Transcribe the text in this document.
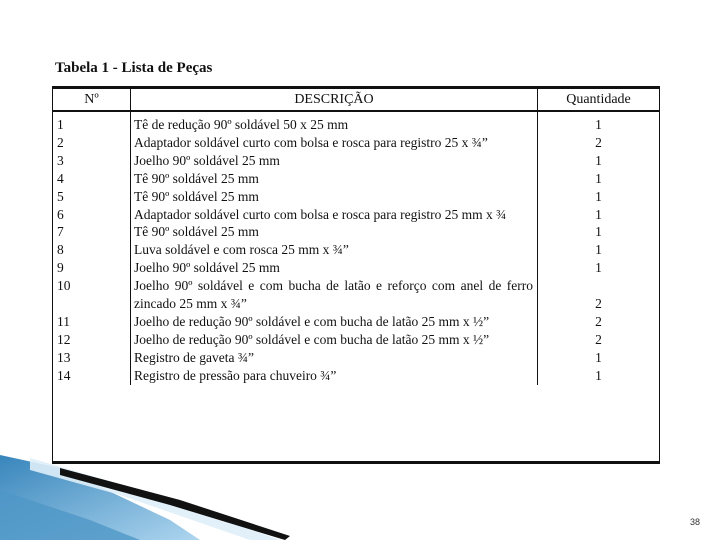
Tabela 1 - Lista de Peças
Nº	DESCRIÇÃO	Quantidade
1	Tê de redução 90º soldável 50 x 25 mm	1
2	Adaptador soldável curto com bolsa e rosca para registro 25 x ¾”	2
3	Joelho 90º soldável 25 mm	1
4	Tê 90º soldável 25 mm	1
5	Tê 90º soldável 25 mm	1
6	Adaptador soldável curto com bolsa e rosca para registro 25 mm x ¾	1
7	Tê 90º soldável 25 mm	1
8	Luva soldável e com rosca 25 mm x ¾”	1
9	Joelho 90º soldável 25 mm	1
10	Joelho 90º soldável e com bucha de latão e reforço com anel de ferro zincado 25 mm x ¾”	2
11	Joelho de redução 90º soldável e com bucha de latão 25 mm x ½”	2
12	Joelho de redução 90º soldável e com bucha de latão 25 mm x ½”	2
13	Registro de gaveta ¾”	1
14	Registro de pressão para chuveiro ¾”	1
38
